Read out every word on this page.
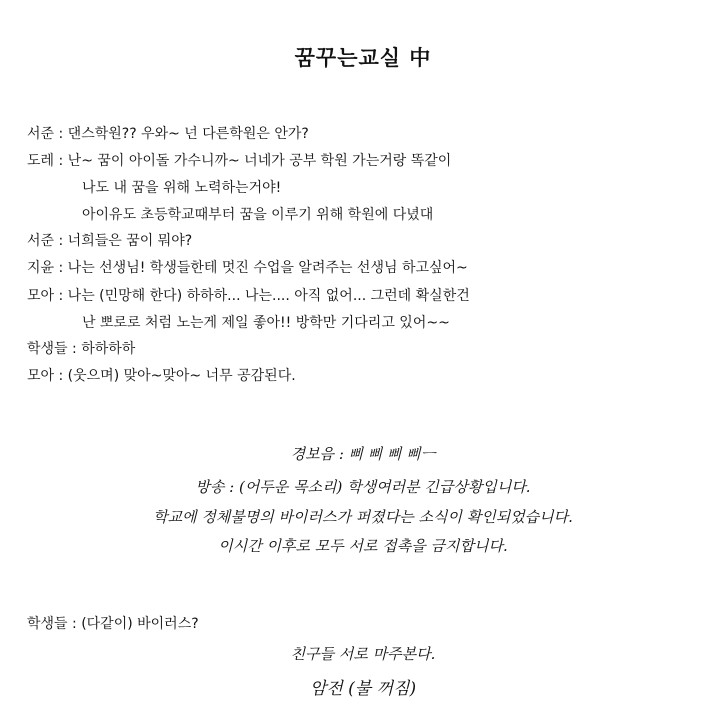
꿈꾸는교실 中
서준 : 댄스학원?? 우와~ 넌 다른학원은 안가?
도레 : 난~ 꿈이 아이돌 가수니까~ 너네가 공부 학원 가는거랑 똑같이
나도 내 꿈을 위해 노력하는거야!
아이유도 초등학교때부터 꿈을 이루기 위해 학원에 다녔대
서준 : 너희들은 꿈이 뭐야?
지윤 : 나는 선생님! 학생들한테 멋진 수업을 알려주는 선생님 하고싶어~
모아 : 나는 (민망해 한다) 하하하... 나는.... 아직 없어... 그런데 확실한건
난 뽀로로 처럼 노는게 제일 좋아!! 방학만 기다리고 있어~~
학생들 : 하하하하
모아 : (웃으며) 맞아~맞아~ 너무 공감된다.
경보음 : 삐 삐 삐 삐ㅡ
방송 : (어두운 목소리) 학생여러분 긴급상황입니다.
학교에 정체불명의 바이러스가 퍼졌다는 소식이 확인되었습니다.
이시간 이후로 모두 서로 접촉을 금지합니다.
학생들 : (다같이) 바이러스?
친구들 서로 마주본다.
암전 (불 꺼짐)
